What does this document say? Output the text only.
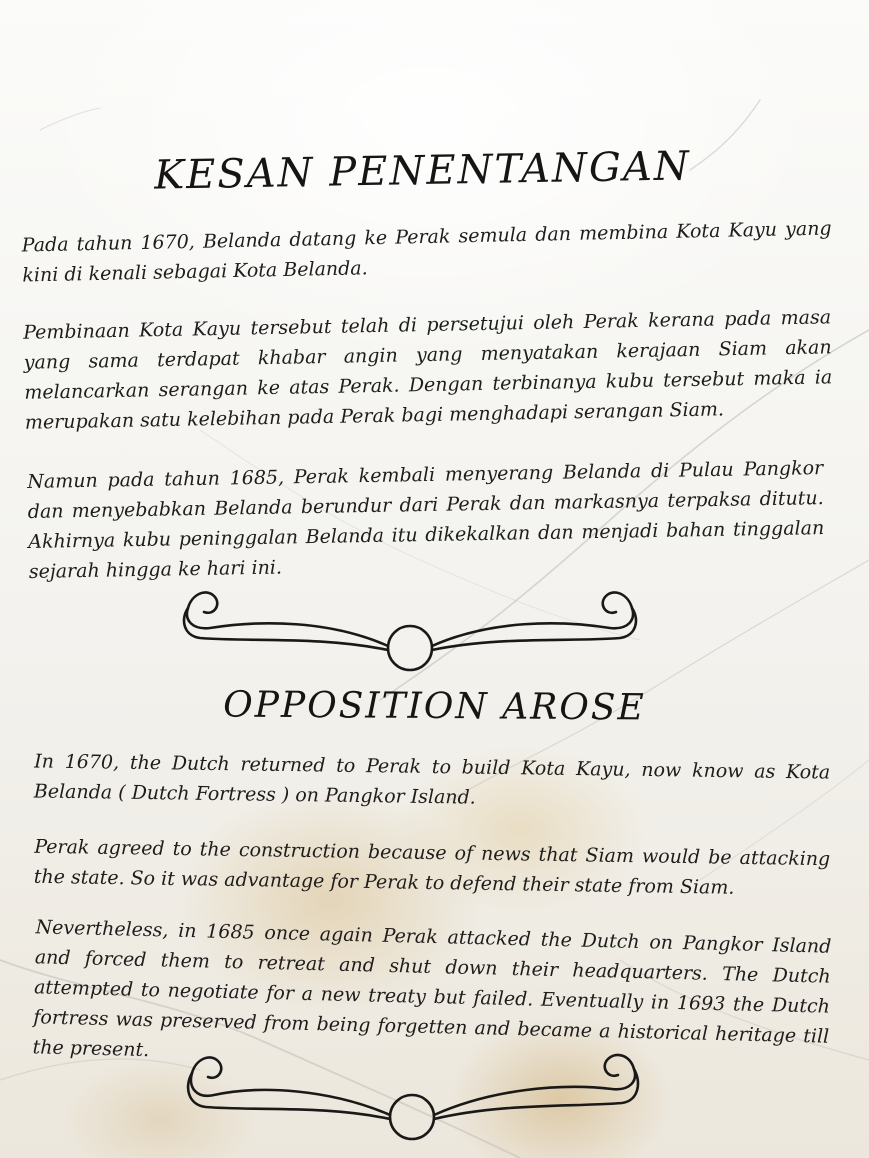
KESAN PENENTANGAN

Pada tahun 1670, Belanda datang ke Perak semula dan membina Kota Kayu yang kini di kenali sebagai Kota Belanda.

Pembinaan Kota Kayu tersebut telah di persetujui oleh Perak kerana pada masa yang sama terdapat khabar angin yang menyatakan kerajaan Siam akan melancarkan serangan ke atas Perak. Dengan terbinanya kubu tersebut maka ia merupakan satu kelebihan pada Perak bagi menghadapi serangan Siam.

Namun pada tahun 1685, Perak kembali menyerang Belanda di Pulau Pangkor dan menyebabkan Belanda berundur dari Perak dan markasnya terpaksa ditutu. Akhirnya kubu peninggalan Belanda itu dikekalkan dan menjadi bahan tinggalan sejarah hingga ke hari ini.

OPPOSITION AROSE

In 1670, the Dutch returned to Perak to build Kota Kayu, now know as Kota Belanda ( Dutch Fortress ) on Pangkor Island.

Perak agreed to the construction because of news that Siam would be attacking the state. So it was advantage for Perak to defend their state from Siam.

Nevertheless, in 1685 once again Perak attacked the Dutch on Pangkor Island and forced them to retreat and shut down their headquarters. The Dutch attempted to negotiate for a new treaty but failed. Eventually in 1693 the Dutch fortress was preserved from being forgetten and became a historical heritage till the present.
